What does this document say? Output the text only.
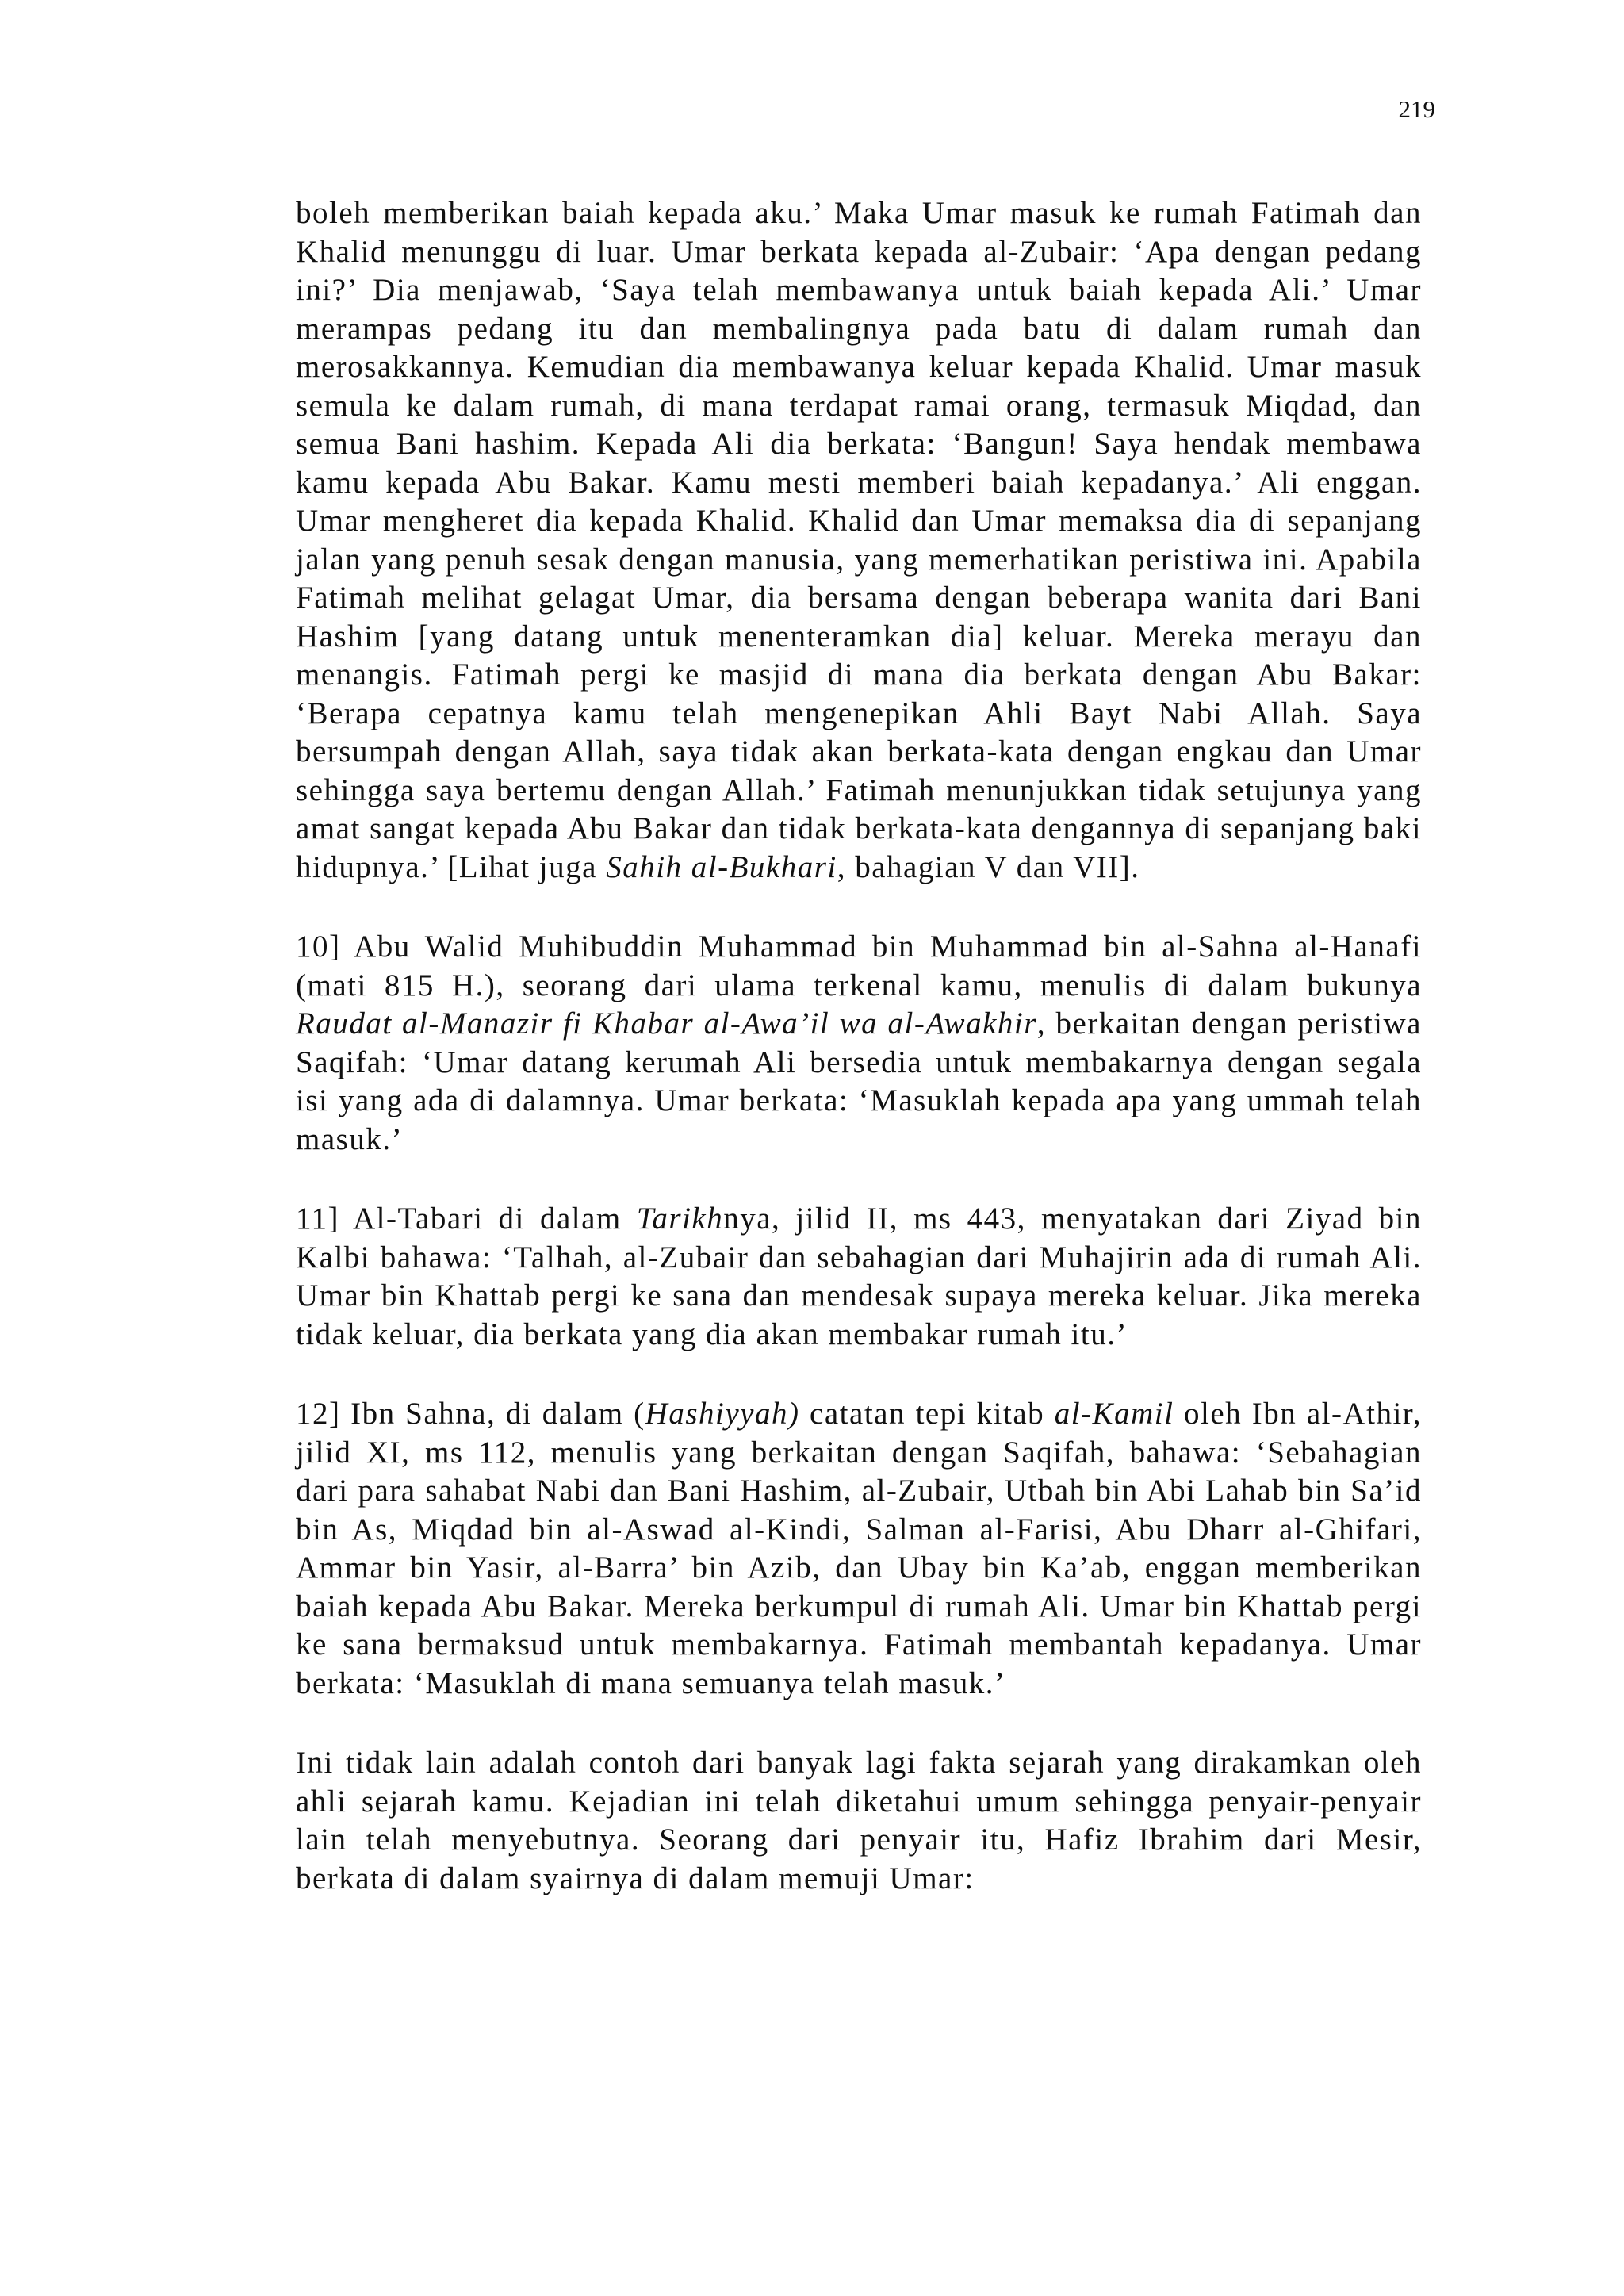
219

boleh memberikan baiah kepada aku.’ Maka Umar masuk ke rumah Fatimah dan Khalid menunggu di luar. Umar berkata kepada al-Zubair: ‘Apa dengan pedang ini?’ Dia menjawab, ‘Saya telah membawanya untuk baiah kepada Ali.’ Umar merampas pedang itu dan membalingnya pada batu di dalam rumah dan merosakkannya. Kemudian dia membawanya keluar kepada Khalid. Umar masuk semula ke dalam rumah, di mana terdapat ramai orang, termasuk Miqdad, dan semua Bani hashim. Kepada Ali dia berkata: ‘Bangun! Saya hendak membawa kamu kepada Abu Bakar. Kamu mesti memberi baiah kepadanya.’ Ali enggan. Umar mengheret dia kepada Khalid. Khalid dan Umar memaksa dia di sepanjang jalan yang penuh sesak dengan manusia, yang memerhatikan peristiwa ini. Apabila Fatimah melihat gelagat Umar, dia bersama dengan beberapa wanita dari Bani Hashim [yang datang untuk menenteramkan dia] keluar. Mereka merayu dan menangis. Fatimah pergi ke masjid di mana dia berkata dengan Abu Bakar: ‘Berapa cepatnya kamu telah mengenepikan Ahli Bayt Nabi Allah. Saya bersumpah dengan Allah, saya tidak akan berkata-kata dengan engkau dan Umar sehingga saya bertemu dengan Allah.’ Fatimah menunjukkan tidak setujunya yang amat sangat kepada Abu Bakar dan tidak berkata-kata dengannya di sepanjang baki hidupnya.’ [Lihat juga Sahih al-Bukhari, bahagian V dan VII].

10] Abu Walid Muhibuddin Muhammad bin Muhammad bin al-Sahna al-Hanafi (mati 815 H.), seorang dari ulama terkenal kamu, menulis di dalam bukunya Raudat al-Manazir fi Khabar al-Awa’il wa al-Awakhir, berkaitan dengan peristiwa Saqifah: ‘Umar datang kerumah Ali bersedia untuk membakarnya dengan segala isi yang ada di dalamnya. Umar berkata: ‘Masuklah kepada apa yang ummah telah masuk.’

11] Al-Tabari di dalam Tarikhnya, jilid II, ms 443, menyatakan dari Ziyad bin Kalbi bahawa: ‘Talhah, al-Zubair dan sebahagian dari Muhajirin ada di rumah Ali. Umar bin Khattab pergi ke sana dan mendesak supaya mereka keluar. Jika mereka tidak keluar, dia berkata yang dia akan membakar rumah itu.’

12] Ibn Sahna, di dalam (Hashiyyah) catatan tepi kitab al-Kamil oleh Ibn al-Athir, jilid XI, ms 112, menulis yang berkaitan dengan Saqifah, bahawa: ‘Sebahagian dari para sahabat Nabi dan Bani Hashim, al-Zubair, Utbah bin Abi Lahab bin Sa’id bin As, Miqdad bin al-Aswad al-Kindi, Salman al-Farisi, Abu Dharr al-Ghifari, Ammar bin Yasir, al-Barra’ bin Azib, dan Ubay bin Ka’ab, enggan memberikan baiah kepada Abu Bakar. Mereka berkumpul di rumah Ali. Umar bin Khattab pergi ke sana bermaksud untuk membakarnya. Fatimah membantah kepadanya. Umar berkata: ‘Masuklah di mana semuanya telah masuk.’

Ini tidak lain adalah contoh dari banyak lagi fakta sejarah yang dirakamkan oleh ahli sejarah kamu. Kejadian ini telah diketahui umum sehingga penyair-penyair lain telah menyebutnya. Seorang dari penyair itu, Hafiz Ibrahim dari Mesir, berkata di dalam syairnya di dalam memuji Umar:
